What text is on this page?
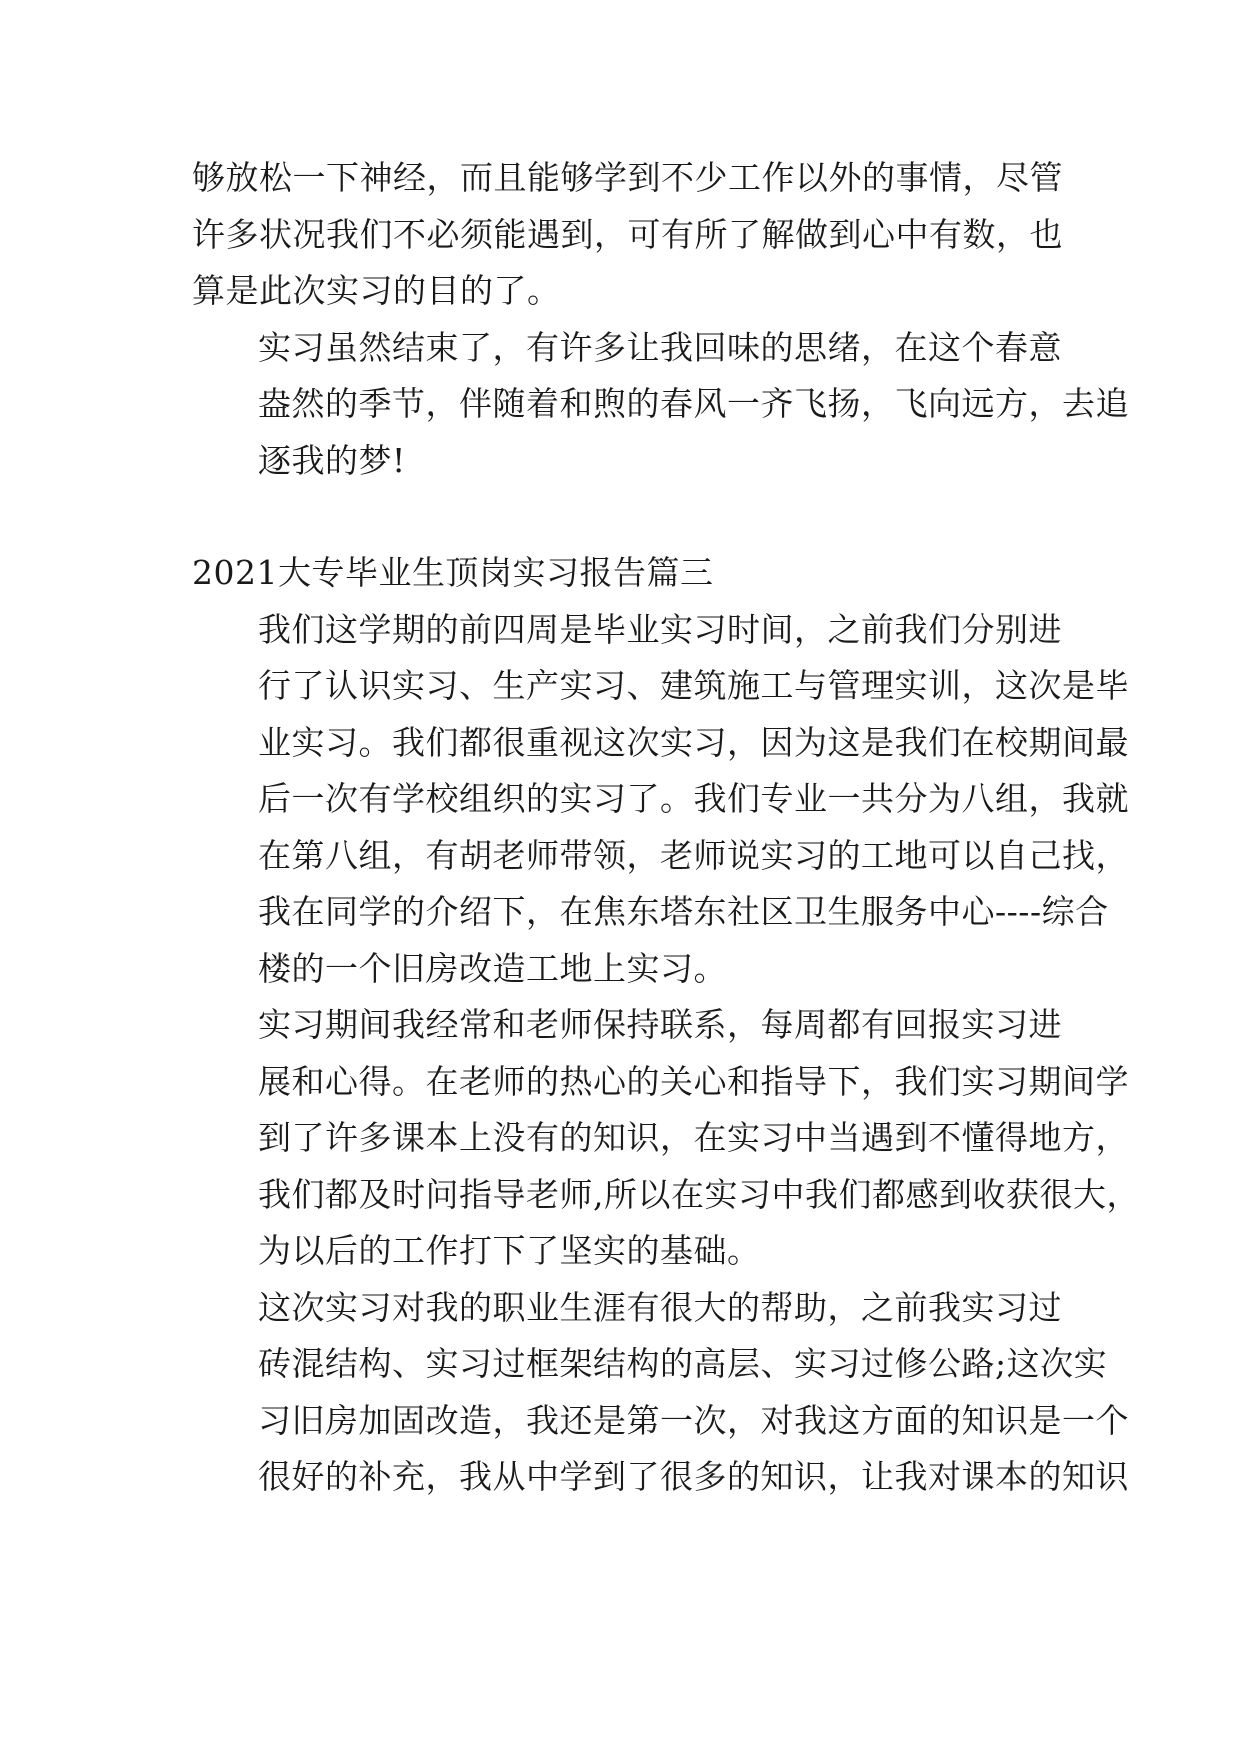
够放松一下神经，而且能够学到不少工作以外的事情，尽管
许多状况我们不必须能遇到，可有所了解做到心中有数，也
算是此次实习的目的了。
实习虽然结束了，有许多让我回味的思绪，在这个春意
盎然的季节，伴随着和煦的春风一齐飞扬，飞向远方，去追
逐我的梦!
2021大专毕业生顶岗实习报告篇三
我们这学期的前四周是毕业实习时间，之前我们分别进
行了认识实习、生产实习、建筑施工与管理实训，这次是毕
业实习。我们都很重视这次实习，因为这是我们在校期间最
后一次有学校组织的实习了。我们专业一共分为八组，我就
在第八组，有胡老师带领，老师说实习的工地可以自己找，
我在同学的介绍下，在焦东塔东社区卫生服务中心----综合
楼的一个旧房改造工地上实习。
实习期间我经常和老师保持联系，每周都有回报实习进
展和心得。在老师的热心的关心和指导下，我们实习期间学
到了许多课本上没有的知识，在实习中当遇到不懂得地方，
我们都及时问指导老师,所以在实习中我们都感到收获很大，
为以后的工作打下了坚实的基础。
这次实习对我的职业生涯有很大的帮助，之前我实习过
砖混结构、实习过框架结构的高层、实习过修公路;这次实
习旧房加固改造，我还是第一次，对我这方面的知识是一个
很好的补充，我从中学到了很多的知识，让我对课本的知识
